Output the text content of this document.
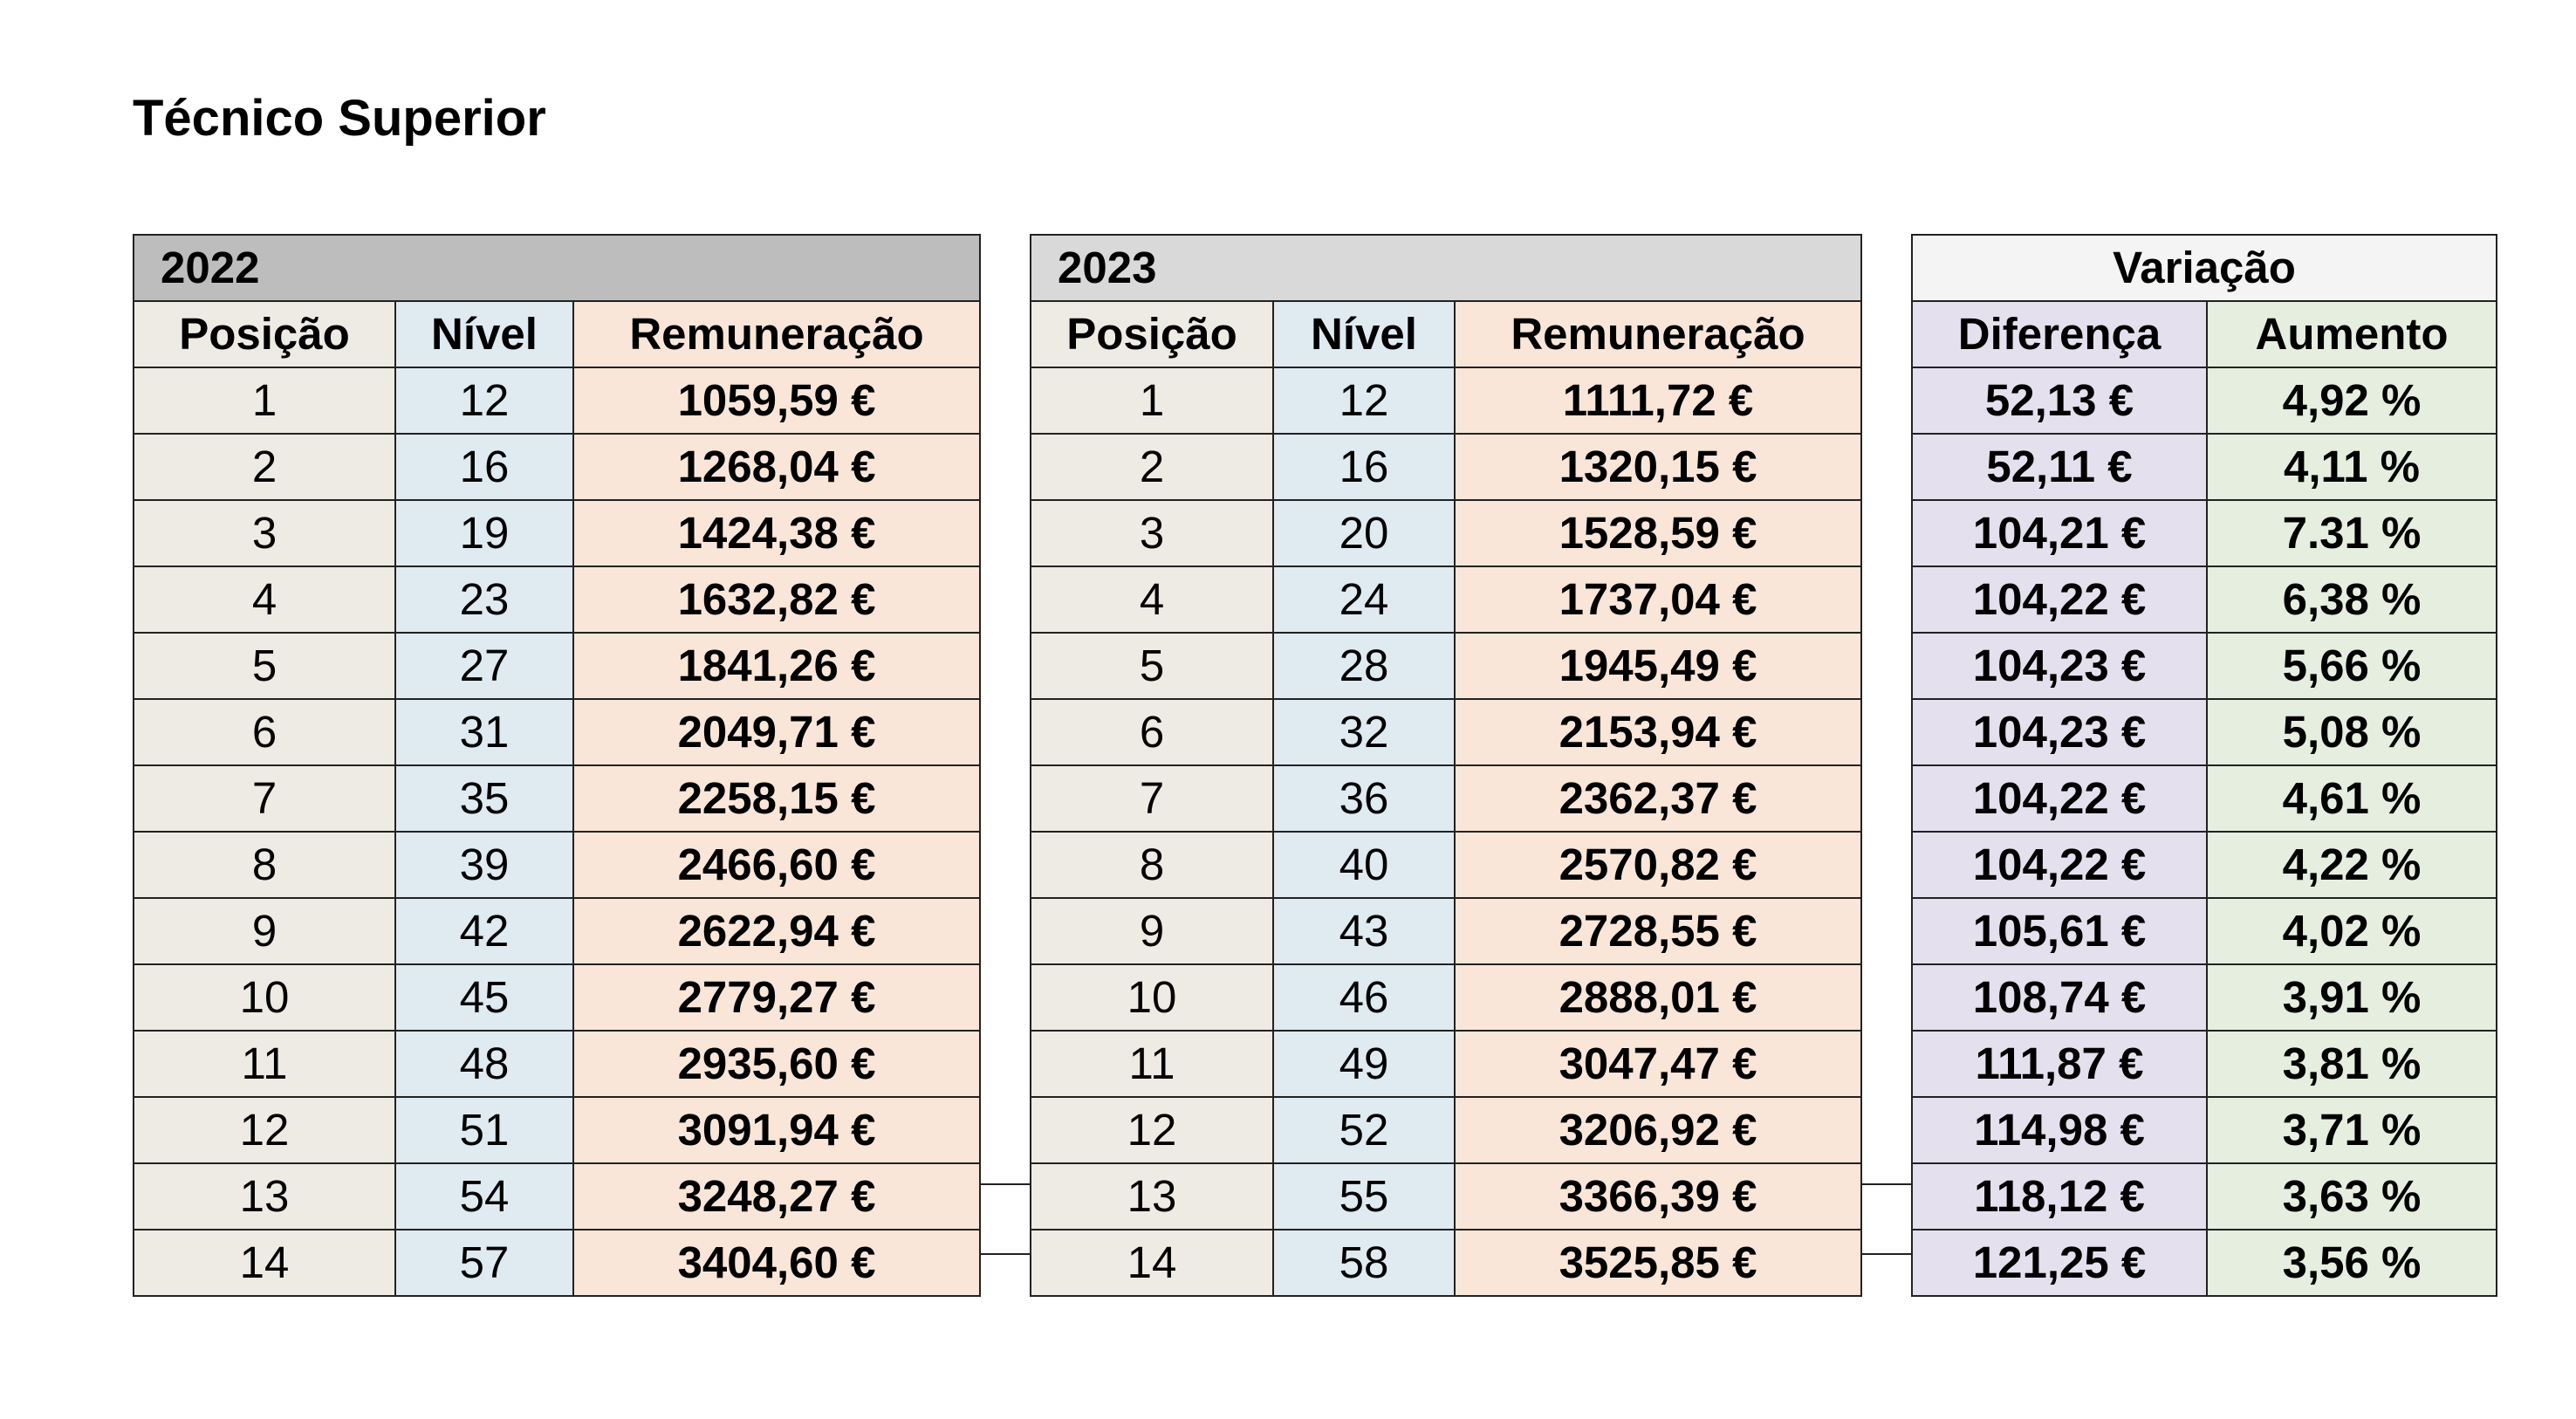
Técnico Superior
2022		
Posição	Nível	Remuneração
1	12	1059,59 €
2	16	1268,04 €
3	19	1424,38 €
4	23	1632,82 €
5	27	1841,26 €
6	31	2049,71 €
7	35	2258,15 €
8	39	2466,60 €
9	42	2622,94 €
10	45	2779,27 €
11	48	2935,60 €
12	51	3091,94 €
13	54	3248,27 €
14	57	3404,60 €
2023		
Posição	Nível	Remuneração
1	12	1111,72 €
2	16	1320,15 €
3	20	1528,59 €
4	24	1737,04 €
5	28	1945,49 €
6	32	2153,94 €
7	36	2362,37 €
8	40	2570,82 €
9	43	2728,55 €
10	46	2888,01 €
11	49	3047,47 €
12	52	3206,92 €
13	55	3366,39 €
14	58	3525,85 €
Variação	
Diferença	Aumento
52,13 €	4,92 %
52,11 €	4,11 %
104,21 €	7.31 %
104,22 €	6,38 %
104,23 €	5,66 %
104,23 €	5,08 %
104,22 €	4,61 %
104,22 €	4,22 %
105,61 €	4,02 %
108,74 €	3,91 %
111,87 €	3,81 %
114,98 €	3,71 %
118,12 €	3,63 %
121,25 €	3,56 %
